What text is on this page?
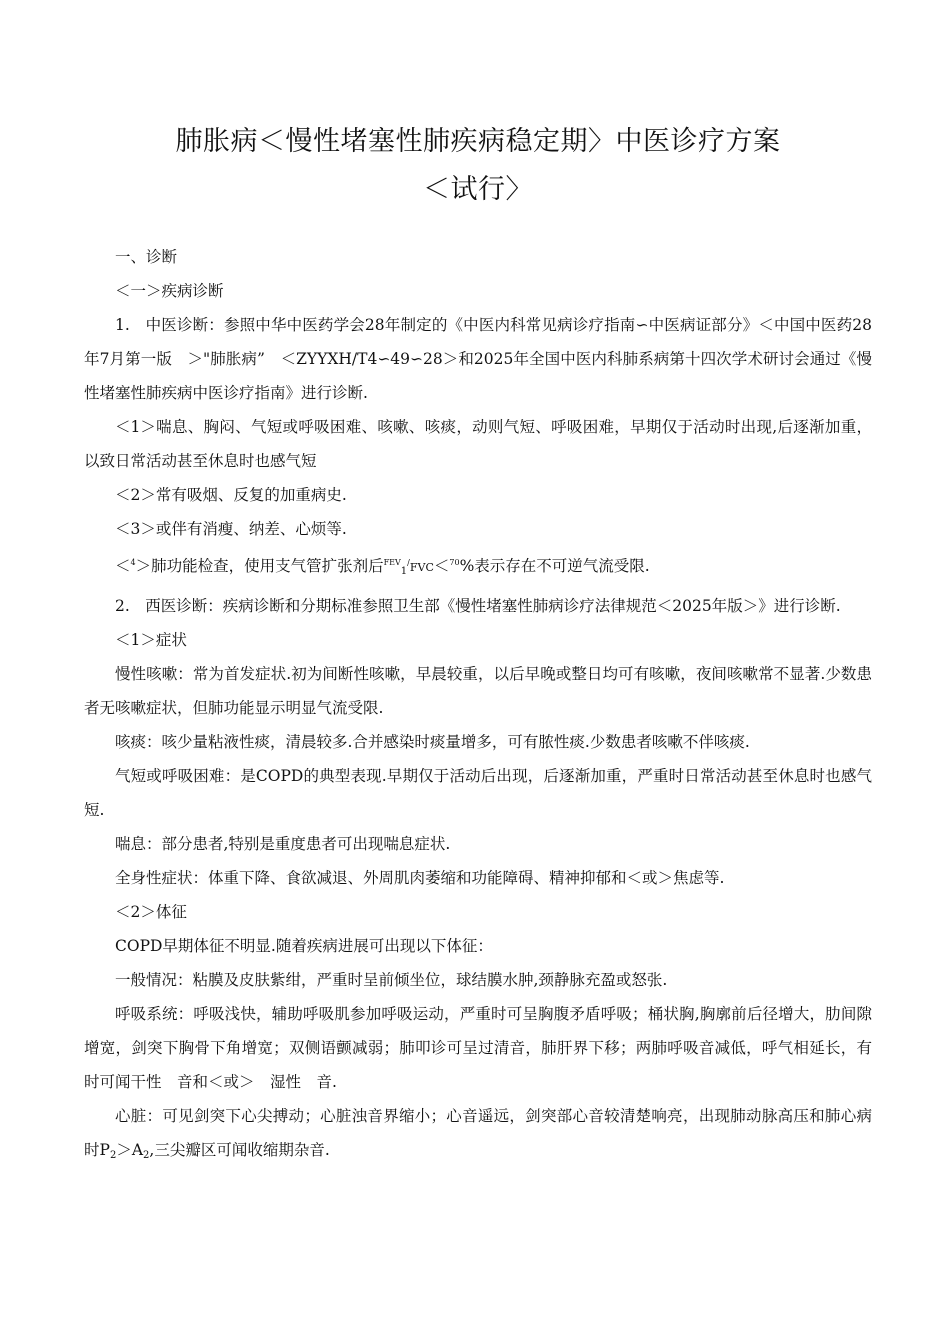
肺胀病＜慢性堵塞性肺疾病稳定期〉中医诊疗方案
＜试行〉

一、诊断

＜一＞疾病诊断

1.　中医诊断：参照中华中医药学会28年制定的《中医内科常见病诊疗指南∽中医病证部分》＜中国中医药28年7月第一版　＞"肺胀病”　＜ZYYXH/T4∽49∽28＞和2025年全国中医内科肺系病第十四次学术研讨会通过《慢性堵塞性肺疾病中医诊疗指南》进行诊断.

＜1＞喘息、胸闷、气短或呼吸困难、咳嗽、咳痰，动则气短、呼吸困难，早期仅于活动时出现,后逐渐加重，以致日常活动甚至休息时也感气短

＜2＞常有吸烟、反复的加重病史.

＜3＞或伴有消瘦、纳差、心烦等.

＜$^4$＞肺功能检查，使用支气管扩张剂后$^{FEV}_1$/FVC＜$^{70}$%表示存在不可逆气流受限.

2.　西医诊断：疾病诊断和分期标准参照卫生部《慢性堵塞性肺病诊疗法律规范＜2025年版＞》进行诊断.

＜1＞症状

慢性咳嗽：常为首发症状.初为间断性咳嗽，早晨较重，以后早晚或整日均可有咳嗽，夜间咳嗽常不显著.少数患者无咳嗽症状，但肺功能显示明显气流受限.

咳痰：咳少量粘液性痰，清晨较多.合并感染时痰量增多，可有脓性痰.少数患者咳嗽不伴咳痰.

气短或呼吸困难：是COPD的典型表现.早期仅于活动后出现，后逐渐加重，严重时日常活动甚至休息时也感气短.

喘息：部分患者,特别是重度患者可出现喘息症状.

全身性症状：体重下降、食欲减退、外周肌肉萎缩和功能障碍、精神抑郁和＜或＞焦虑等.

＜2＞体征

COPD早期体征不明显.随着疾病进展可出现以下体征：

一般情况：粘膜及皮肤紫绀，严重时呈前倾坐位，球结膜水肿,颈静脉充盈或怒张.

呼吸系统：呼吸浅快，辅助呼吸肌参加呼吸运动，严重时可呈胸腹矛盾呼吸；桶状胸,胸廓前后径增大，肋间隙增宽，剑突下胸骨下角增宽；双侧语颤减弱；肺叩诊可呈过清音，肺肝界下移；两肺呼吸音减低，呼气相延长，有时可闻干性　音和＜或＞　湿性　音.

心脏：可见剑突下心尖搏动；心脏浊音界缩小；心音遥远，剑突部心音较清楚响亮，出现肺动脉高压和肺心病时$P_2>A_2$,三尖瓣区可闻收缩期杂音.
